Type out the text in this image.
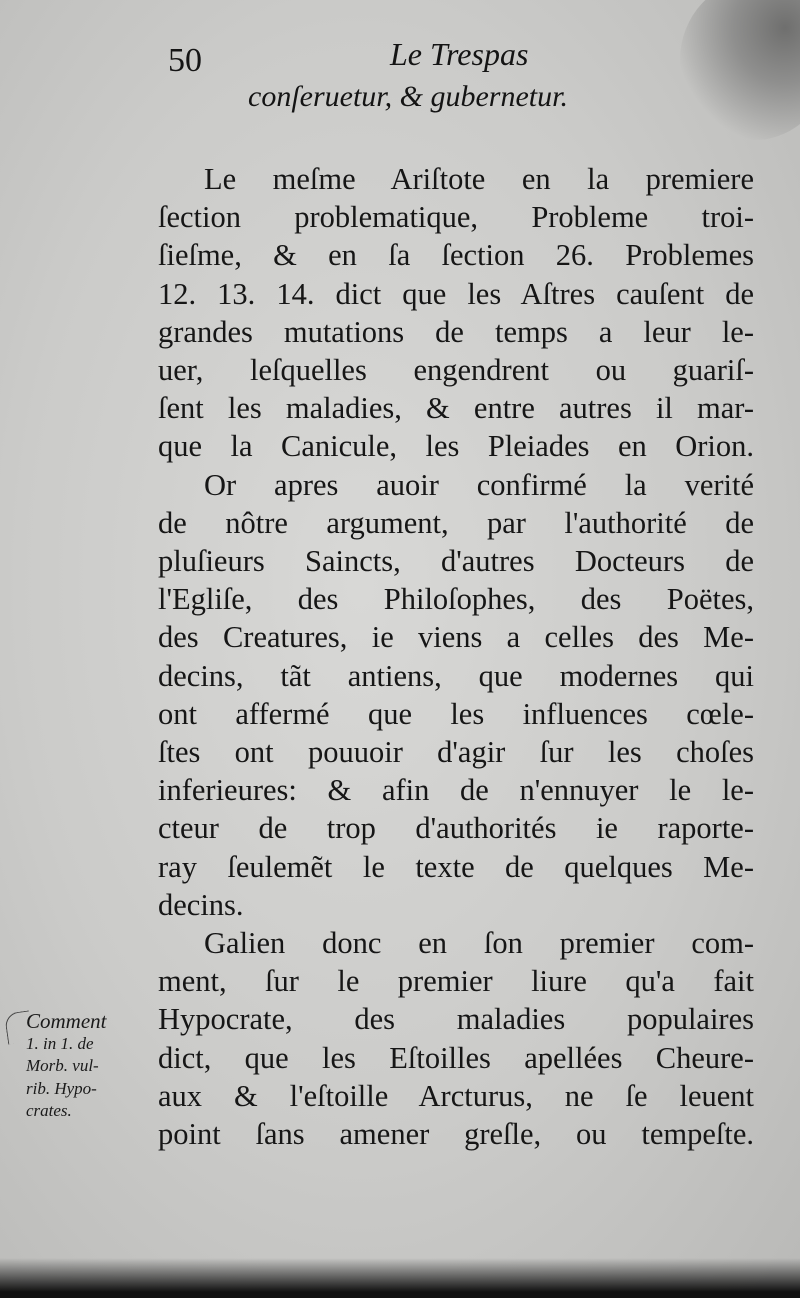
50	Le Trespas
conſeruetur, & gubernetur.

Le meſme Ariſtote en la premiere
ſection problematique, Probleme troi-
ſieſme, & en ſa ſection 26. Problemes
12. 13. 14. dict que les Aſtres cauſent de
grandes mutations de temps a leur le-
uer, leſquelles engendrent ou guariſ-
ſent les maladies, & entre autres il mar-
que la Canicule, les Pleiades en Orion.

Or apres auoir confirmé la verité
de nôtre argument, par l'authorité de
pluſieurs Saincts, d'autres Docteurs de
l'Egliſe, des Philoſophes, des Poëtes,
des Creatures, ie viens a celles des Me-
decins, tãt antiens, que modernes qui
ont affermé que les influences cœle-
ſtes ont pouuoir d'agir ſur les choſes
inferieures: & afin de n'ennuyer le le-
cteur de trop d'authorités ie raporte-
ray ſeulemẽt le texte de quelques Me-
decins.

Galien donc en ſon premier com-
ment, ſur le premier liure qu'a fait
Hypocrate, des maladies populaires
dict, que les Eſtoilles apellées Cheure-
aux & l'eſtoille Arcturus, ne ſe leuent
point ſans amener greſle, ou tempeſte.

Comment
1. in 1. de
Morb. vul-
rib. Hypo-
crates.
